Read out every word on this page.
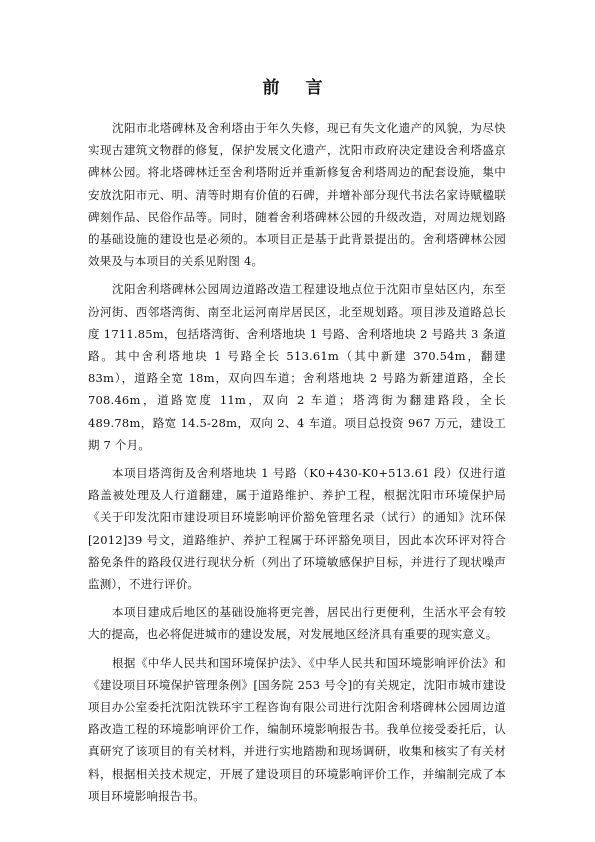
前 言

沈阳市北塔碑林及舍利塔由于年久失修，现已有失文化遗产的风貌，为尽快实现古建筑文物群的修复，保护发展文化遗产，沈阳市政府决定建设舍利塔盛京碑林公园。将北塔碑林迁至舍利塔附近并重新修复舍利塔周边的配套设施，集中安放沈阳市元、明、清等时期有价值的石碑，并增补部分现代书法名家诗赋楹联碑刻作品、民俗作品等。同时，随着舍利塔碑林公园的升级改造，对周边规划路的基础设施的建设也是必须的。本项目正是基于此背景提出的。舍利塔碑林公园效果及与本项目的关系见附图 4。

沈阳舍利塔碑林公园周边道路改造工程建设地点位于沈阳市皇姑区内，东至汾河街、西邻塔湾街、南至北运河南岸居民区，北至规划路。项目涉及道路总长度 1711.85m，包括塔湾街、舍利塔地块 1 号路、舍利塔地块 2 号路共 3 条道路。其中舍利塔地块 1 号路全长 513.61m（其中新建 370.54m，翻建 83m），道路全宽 18m，双向四车道；舍利塔地块 2 号路为新建道路，全长 708.46m，道路宽度 11m，双向 2 车道；塔湾街为翻建路段，全长 489.78m，路宽 14.5-28m，双向 2、4 车道。项目总投资 967 万元，建设工期 7 个月。

本项目塔湾街及舍利塔地块 1 号路（K0+430-K0+513.61 段）仅进行道路盖被处理及人行道翻建，属于道路维护、养护工程，根据沈阳市环境保护局《关于印发沈阳市建设项目环境影响评价豁免管理名录（试行）的通知》沈环保[2012]39 号文，道路维护、养护工程属于环评豁免项目，因此本次环评对符合豁免条件的路段仅进行现状分析（列出了环境敏感保护目标，并进行了现状噪声监测），不进行评价。

本项目建成后地区的基础设施将更完善，居民出行更便利，生活水平会有较大的提高，也必将促进城市的建设发展，对发展地区经济具有重要的现实意义。

根据《中华人民共和国环境保护法》、《中华人民共和国环境影响评价法》和《建设项目环境保护管理条例》[国务院 253 号令]的有关规定，沈阳市城市建设项目办公室委托沈阳沈铁环宇工程咨询有限公司进行沈阳舍利塔碑林公园周边道路改造工程的环境影响评价工作，编制环境影响报告书。我单位接受委托后，认真研究了该项目的有关材料，并进行实地踏勘和现场调研，收集和核实了有关材料，根据相关技术规定，开展了建设项目的环境影响评价工作，并编制完成了本项目环境影响报告书。
